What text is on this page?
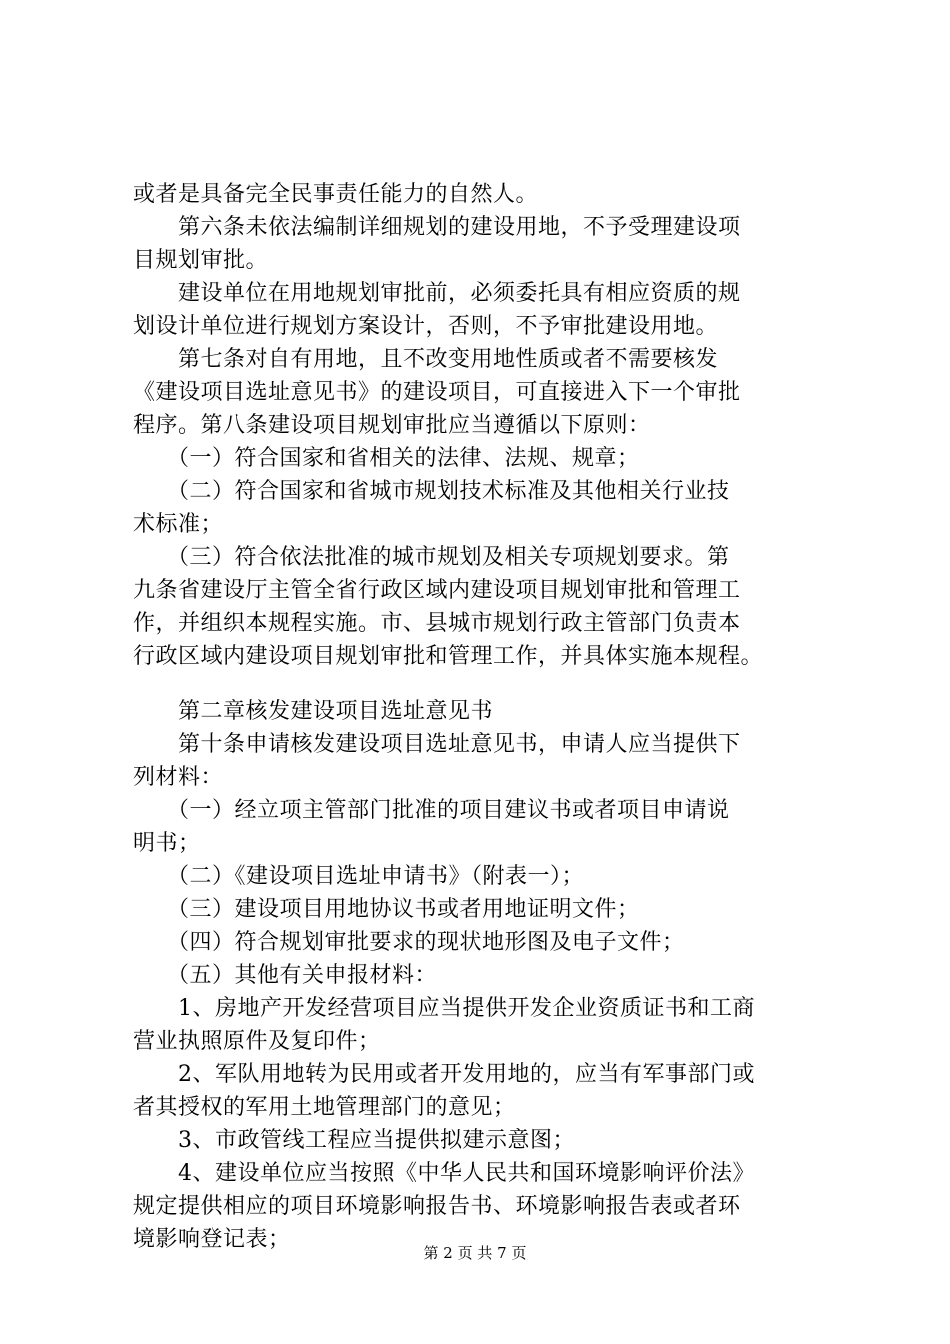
或者是具备完全民事责任能力的自然人。
　　第六条未依法编制详细规划的建设用地，不予受理建设项
目规划审批。
　　建设单位在用地规划审批前，必须委托具有相应资质的规
划设计单位进行规划方案设计，否则，不予审批建设用地。
　　第七条对自有用地，且不改变用地性质或者不需要核发
《建设项目选址意见书》的建设项目，可直接进入下一个审批
程序。第八条建设项目规划审批应当遵循以下原则：
　　（一）符合国家和省相关的法律、法规、规章；
　　（二）符合国家和省城市规划技术标准及其他相关行业技
术标准；
　　（三）符合依法批准的城市规划及相关专项规划要求。第
九条省建设厅主管全省行政区域内建设项目规划审批和管理工
作，并组织本规程实施。市、县城市规划行政主管部门负责本
行政区域内建设项目规划审批和管理工作，并具体实施本规程。
　　第二章核发建设项目选址意见书
　　第十条申请核发建设项目选址意见书，申请人应当提供下
列材料：
　　（一）经立项主管部门批准的项目建议书或者项目申请说
明书；
　　（二）《建设项目选址申请书》（附表一）；
　　（三）建设项目用地协议书或者用地证明文件；
　　（四）符合规划审批要求的现状地形图及电子文件；
　　（五）其他有关申报材料：
　　1、房地产开发经营项目应当提供开发企业资质证书和工商
营业执照原件及复印件；
　　2、军队用地转为民用或者开发用地的，应当有军事部门或
者其授权的军用土地管理部门的意见；
　　3、市政管线工程应当提供拟建示意图；
　　4、建设单位应当按照《中华人民共和国环境影响评价法》
规定提供相应的项目环境影响报告书、环境影响报告表或者环
境影响登记表；
第 2 页 共 7 页
